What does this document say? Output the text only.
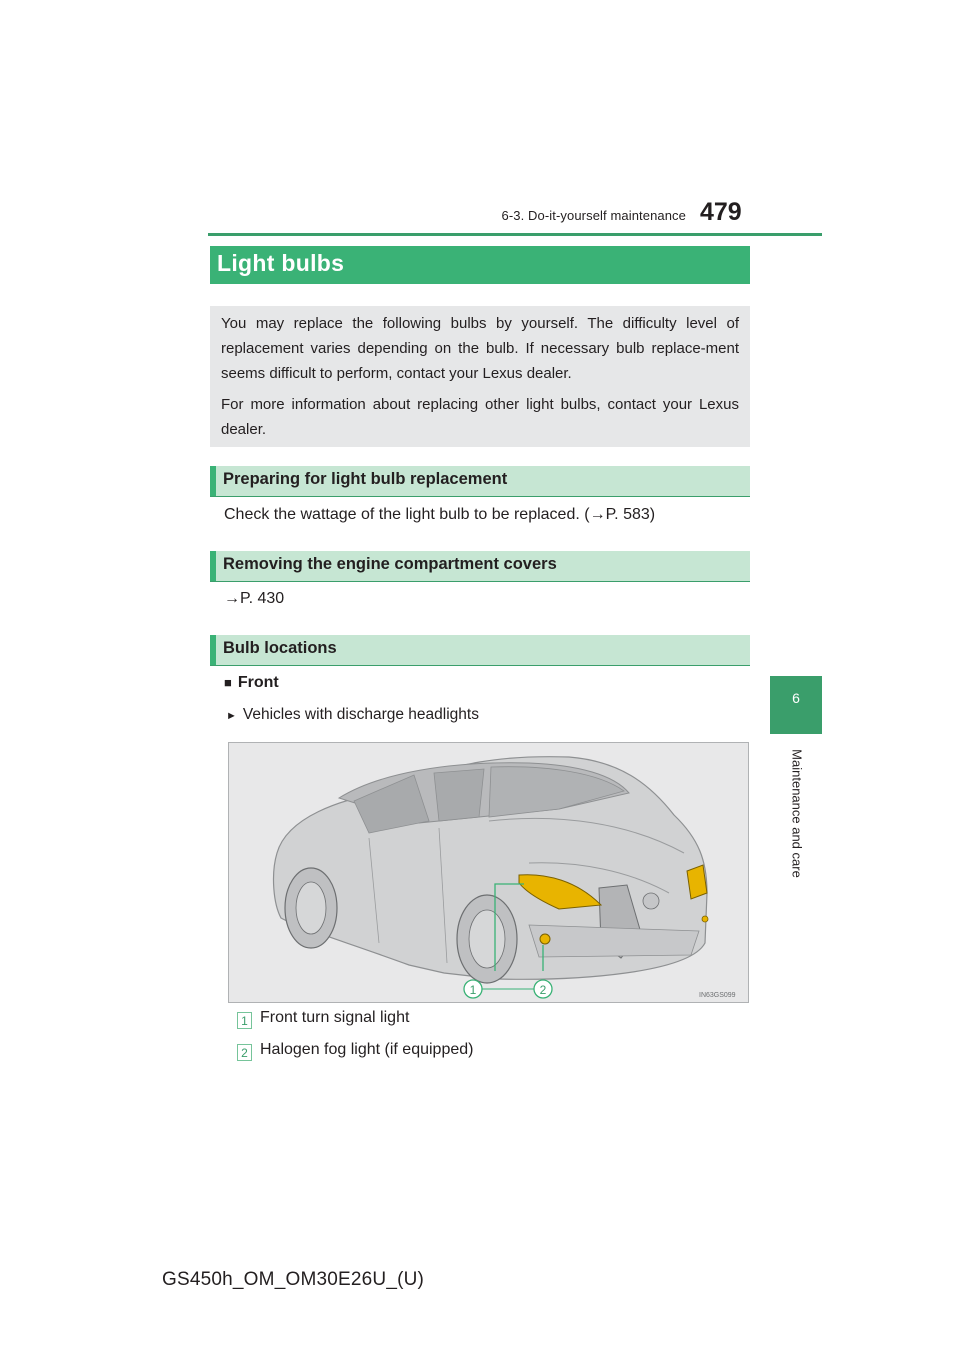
6-3. Do-it-yourself maintenance 479
6
Maintenance and care
Light bulbs
You may replace the following bulbs by yourself. The difficulty level of replacement varies depending on the bulb. If necessary bulb replace-ment seems difficult to perform, contact your Lexus dealer.
For more information about replacing other light bulbs, contact your Lexus dealer.
Preparing for light bulb replacement
Check the wattage of the light bulb to be replaced. (→P. 583)
Removing the engine compartment covers
→P. 430
Bulb locations
■ Front
► Vehicles with discharge headlights
1	2	IN63GS099
1 Front turn signal light
2 Halogen fog light (if equipped)
GS450h_OM_OM30E26U_(U)
